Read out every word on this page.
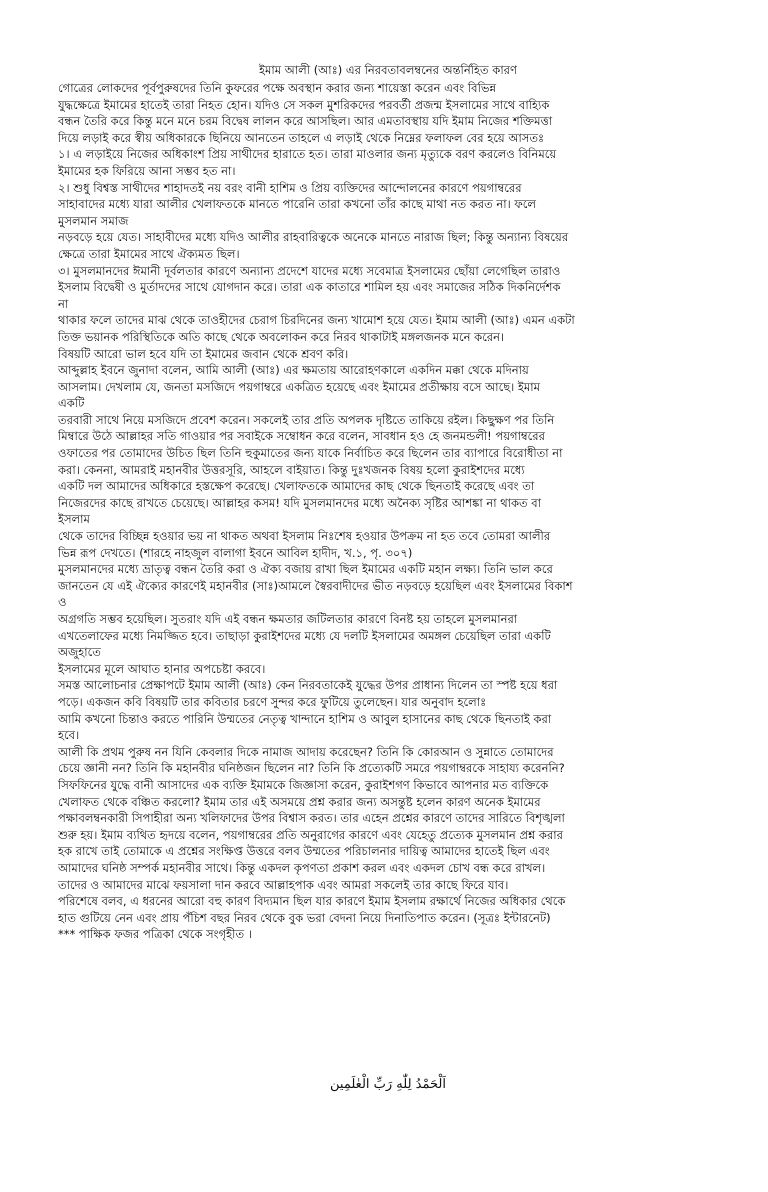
ইমাম আলী (আঃ) এর নিরবতাবলম্বনের অন্তর্নিহিত কারণ
গোত্রের লোকদের পূর্বপুরুষদের তিনি কুফরের পক্ষে অবস্থান করার জন্য শায়েস্তা করেন এবং বিভিন্ন
যুদ্ধক্ষেত্রে ইমামের হাতেই তারা নিহত হোন। যদিও সে সকল মুশরিকদের পরবর্তী প্রজন্ম ইসলামের সাথে বাহ্যিক
বন্ধন তৈরি করে কিন্তু মনে মনে চরম বিদ্বেষ লালন করে আসছিল। আর এমতাবস্থায় যদি ইমাম নিজের শক্তিমত্তা
দিয়ে লড়াই করে স্বীয় অধিকারকে ছিনিয়ে আনতেন তাহলে এ লড়াই থেকে নিম্নের ফলাফল বের হয়ে আসতঃ
১। এ লড়াইয়ে নিজের অধিকাংশ প্রিয় সাথীদের হারাতে হত। তারা মাওলার জন্য মৃত্যুকে বরণ করলেও বিনিময়ে
ইমামের হক ফিরিয়ে আনা সম্ভব হত না।
২। শুধু বিশ্বস্ত সাথীদের শাহাদতই নয় বরং বানী হাশিম ও প্রিয় ব্যক্তিদের আন্দোলনের কারণে পয়গাম্বরের
সাহাবাদের মধ্যে যারা আলীর খেলাফতকে মানতে পারেনি তারা কখনো তাঁর কাছে মাথা নত করত না। ফলে
মুসলমান সমাজ
নড়বড়ে হয়ে যেত। সাহাবীদের মধ্যে যদিও আলীর রাহবারিত্বকে অনেকে মানতে নারাজ ছিল; কিন্তু অন্যান্য বিষয়ের
ক্ষেত্রে তারা ইমামের সাথে ঐক্যমত ছিল।
৩। মুসলমানদের ঈমানী দূর্বলতার কারণে অন্যান্য প্রদেশে যাদের মধ্যে সবেমাত্র ইসলামের ছোঁয়া লেগেছিল তারাও
ইসলাম বিদ্বেষী ও মুর্তাদদের সাথে যোগদান করে। তারা এক কাতারে শামিল হয় এবং সমাজের সঠিক দিকনির্দেশক
না
থাকার ফলে তাদের মাঝ থেকে তাওহীদের চেরাগ চিরদিনের জন্য খামোশ হয়ে যেত। ইমাম আলী (আঃ) এমন একটা
তিক্ত ভয়ানক পরিস্থিতিকে অতি কাছে থেকে অবলোকন করে নিরব থাকাটাই মঙ্গলজনক মনে করেন।
বিষয়টি আরো ভাল হবে যদি তা ইমামের জবান থেকে শ্রবণ করি।
আব্দুল্লাহ ইবনে জুনাদা বলেন, আমি আলী (আঃ) এর ক্ষমতায় আরোহণকালে একদিন মক্কা থেকে মদিনায়
আসলাম। দেখলাম যে, জনতা মসজিদে পয়গাম্বরে একত্রিত হয়েছে এবং ইমামের প্রতীক্ষায় বসে আছে। ইমাম
একটি
তরবারী সাথে নিয়ে মসজিদে প্রবেশ করেন। সকলেই তার প্রতি অপলক দৃষ্টিতে তাকিয়ে রইল। কিছুক্ষণ পর তিনি
মিম্বারে উঠে আল্লাহর সতি গাওয়ার পর সবাইকে সম্বোধন করে বলেন, সাবধান হও হে জনমন্ডলী! পয়গাম্বরের
ওফাতের পর তোমাদের উচিত ছিল তিনি হুকুমাতের জন্য যাকে নির্বাচিত করে ছিলেন তার ব্যাপারে বিরোধীতা না
করা। কেননা, আমরাই মহানবীর উত্তরসূরি, আহলে বাইয়াত। কিন্তু দুঃখজনক বিষয় হলো কুরাইশদের মধ্যে
একটি দল আমাদের অধিকারে হস্তক্ষেপ করেছে। খেলাফতকে আমাদের কাছ থেকে ছিনতাই করেছে এবং তা
নিজেরদের কাছে রাখতে চেয়েছে। আল্লাহর কসম! যদি মুসলমানদের মধ্যে অনৈক্য সৃষ্টির আশঙ্কা না থাকত বা
ইসলাম
থেকে তাদের বিচ্ছিন্ন হওয়ার ভয় না থাকত অথবা ইসলাম নিঃশেষ হওয়ার উপক্রম না হত তবে তোমরা আলীর
ভিন্ন রূপ দেখতে। (শারহে নাহজুল বালাগা ইবনে আবিল হাদীদ, খ.১, পৃ. ৩০৭)
মুসলমানদের মধ্যে ভ্রাতৃত্ব বন্ধন তৈরি করা ও ঐক্য বজায় রাখা ছিল ইমামের একটি মহান লক্ষ্য। তিনি ভাল করে
জানতেন যে এই ঐক্যের কারণেই মহানবীর (সাঃ)আমলে স্বৈরবাদীদের ভীত নড়বড়ে হয়েছিল এবং ইসলামের বিকাশ
ও
অগ্রগতি সম্ভব হয়েছিল। সুতরাং যদি এই বন্ধন ক্ষমতার জটিলতার কারণে বিনষ্ট হয় তাহলে মুসলমানরা
এখতেলাফের মধ্যে নিমজ্জিত হবে। তাছাড়া কুরাইশদের মধ্যে যে দলটি ইসলামের অমঙ্গল চেয়েছিল তারা একটি
অজুহাতে
ইসলামের মূলে আঘাত হানার অপচেষ্টা করবে।
সমস্ত আলোচনার প্রেক্ষাপটে ইমাম আলী (আঃ) কেন নিরবতাকেই যুদ্ধের উপর প্রাধান্য দিলেন তা স্পষ্ট হয়ে ধরা
পড়ে। একজন কবি বিষয়টি তার কবিতার চরণে সুন্দর করে ফুটিয়ে তুলেছেন। যার অনুবাদ হলোঃ
আমি কখনো চিন্তাও করতে পারিনি উম্মতের নেতৃত্ব খান্দানে হাশিম ও আবুল হাসানের কাছ থেকে ছিনতাই করা
হবে।
আলী কি প্রথম পুরুষ নন যিনি কেবলার দিকে নামাজ আদায় করেছেন? তিনি কি কোরআন ও সুন্নাতে তোমাদের
চেয়ে জ্ঞানী নন? তিনি কি মহানবীর ঘনিষ্ঠজন ছিলেন না? তিনি কি প্রত্যেকটি সমরে পয়গাম্বরকে সাহায্য করেননি?
সিফফিনের যুদ্ধে বানী আসাদের এক ব্যক্তি ইমামকে জিজ্ঞাসা করেন, কুরাইশগণ কিভাবে আপনার মত ব্যক্তিকে
খেলাফত থেকে বঞ্চিত করলো? ইমাম তার এই অসময়ে প্রশ্ন করার জন্য অসন্তুষ্ট হলেন কারণ অনেক ইমামের
পক্ষাবলম্বনকারী সিপাহীরা অন্য খলিফাদের উপর বিশ্বাস করত। তার এহেন প্রশ্নের কারণে তাদের সারিতে বিশৃঙ্খলা
শুরু হয়। ইমাম ব্যথিত হৃদয়ে বলেন, পয়গাম্বরের প্রতি অনুরাগের কারণে এবং যেহেতু প্রত্যেক মুসলমান প্রশ্ন করার
হক রাখে তাই তোমাকে এ প্রশ্নের সংক্ষিপ্ত উত্তরে বলব উম্মতের পরিচালনার দায়িত্ব আমাদের হাতেই ছিল এবং
আমাদের ঘনিষ্ঠ সম্পর্ক মহানবীর সাথে। কিন্তু একদল কৃপণতা প্রকাশ করল এবং একদল চোখ বন্ধ করে রাখল।
তাদের ও আমাদের মাঝে ফয়সালা দান করবে আল্লাহপাক এবং আমরা সকলেই তার কাছে ফিরে যাব।
পরিশেষে বলব, এ ধরনের আরো বহু কারণ বিদ্যমান ছিল যার কারণে ইমাম ইসলাম রক্ষার্থে নিজের অধিকার থেকে
হাত গুটিয়ে নেন এবং প্রায় পঁচিশ বছর নিরব থেকে বুক ভরা বেদনা নিয়ে দিনাতিপাত করেন। (সূত্রঃ ইন্টারনেট)
*** পাক্ষিক ফজর পত্রিকা থেকে সংগৃহীত ।
اَلْحَمْدُ لِلّٰهِ رَبِّ الْعٰلَمِين
